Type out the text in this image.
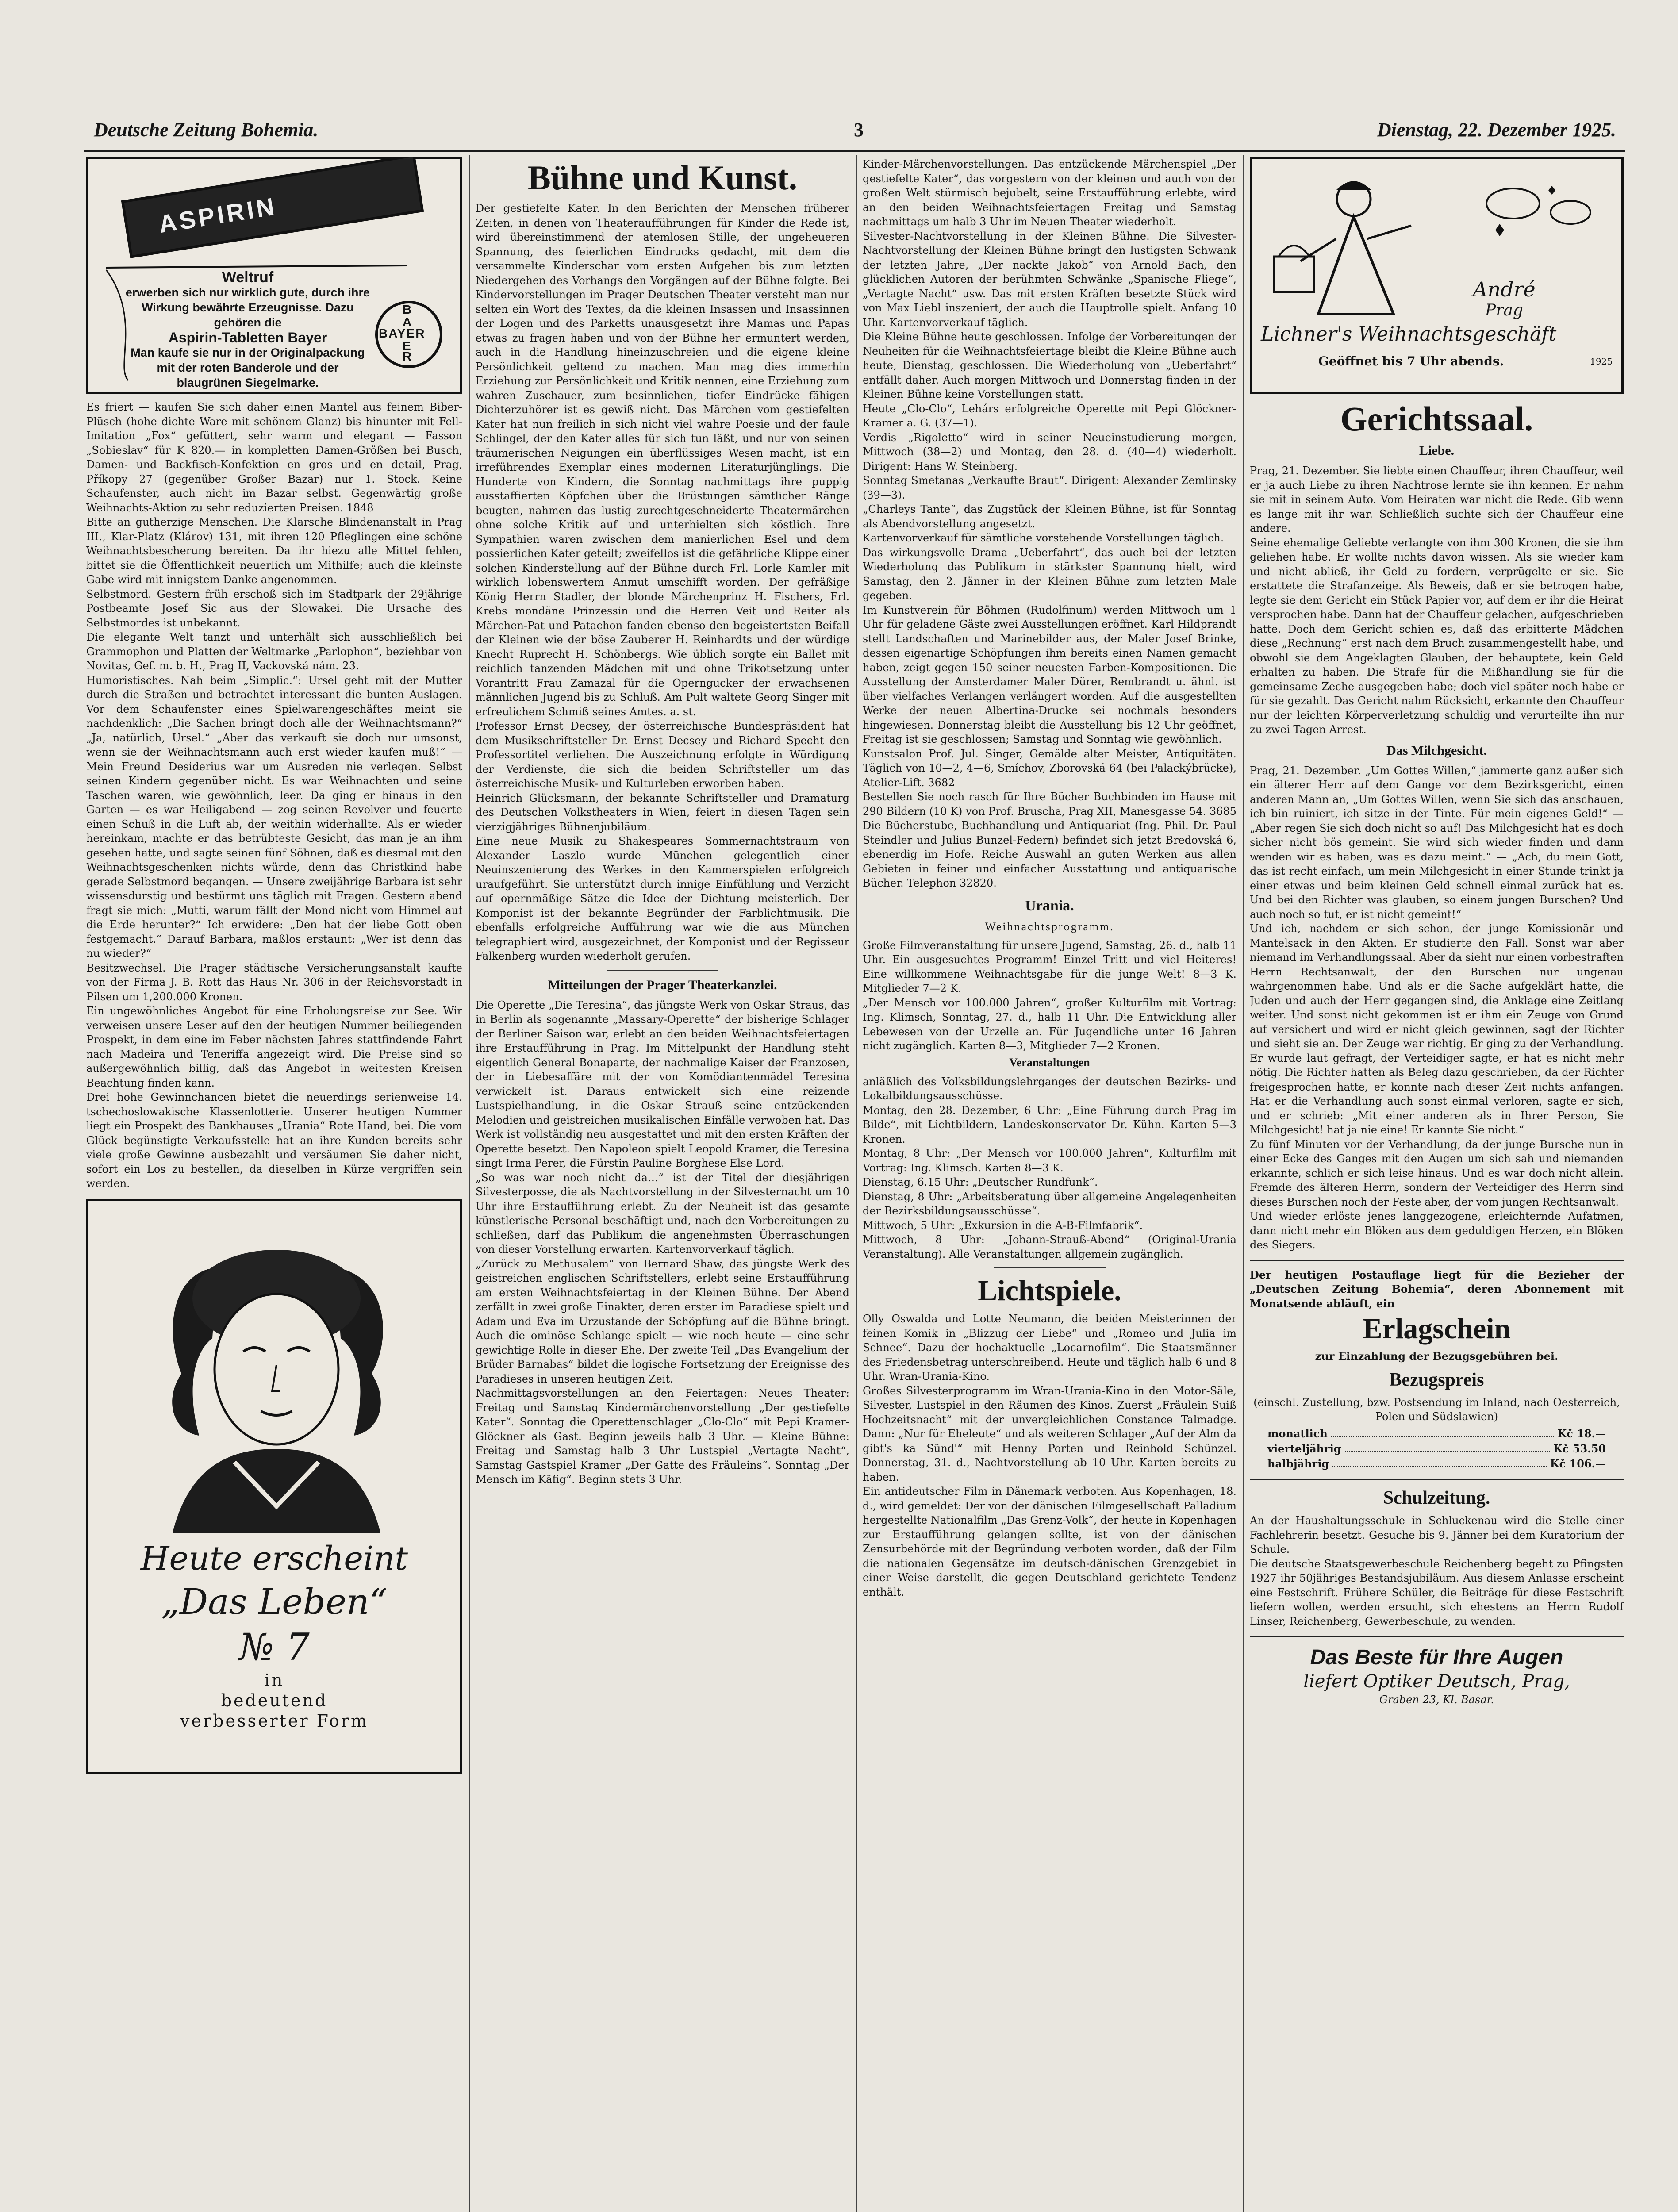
Deutsche Zeitung Bohemia.	3	Dienstag, 22. Dezember 1925.
ASPIRIN
Weltruf
erwerben sich nur wirklich gute, durch ihre Wirkung bewährte Erzeugnisse. Dazu gehören die
Aspirin-Tabletten Bayer
Man kaufe sie nur in der Originalpackung mit der roten Banderole und der blaugrünen Siegelmarke.
B
A
BAYER
E
R

Es friert — kaufen Sie sich daher einen Mantel aus feinem Biber-Plüsch (hohe dichte Ware mit schönem Glanz) bis hinunter mit Fell-Imitation „Fox“ gefüttert, sehr warm und elegant — Fasson „Sobieslav“ für K 820.— in kompletten Damen-Größen bei Busch, Damen- und Backfisch-Konfektion en gros und en detail, Prag, Příkopy 27 (gegenüber Großer Bazar) nur 1. Stock. Keine Schaufenster, auch nicht im Bazar selbst. Gegenwärtig große Weihnachts-Aktion zu sehr reduzierten Preisen. 1848

Bitte an gutherzige Menschen. Die Klarsche Blindenanstalt in Prag III., Klar-Platz (Klárov) 131, mit ihren 120 Pfleglingen eine schöne Weihnachtsbescherung bereiten. Da ihr hiezu alle Mittel fehlen, bittet sie die Öffentlichkeit neuerlich um Mithilfe; auch die kleinste Gabe wird mit innigstem Danke angenommen.

Selbstmord. Gestern früh erschoß sich im Stadtpark der 29jährige Postbeamte Josef Sic aus der Slowakei. Die Ursache des Selbstmordes ist unbekannt.

Die elegante Welt tanzt und unterhält sich ausschließlich bei Grammophon und Platten der Weltmarke „Parlophon“, beziehbar von Novitas, Gef. m. b. H., Prag II, Vackovská nám. 23.

Humoristisches. Nah beim „Simplic.“: Ursel geht mit der Mutter durch die Straßen und betrachtet interessant die bunten Auslagen. Vor dem Schaufenster eines Spielwarengeschäftes meint sie nachdenklich: „Die Sachen bringt doch alle der Weihnachtsmann?“ „Ja, natürlich, Ursel.“ „Aber das verkauft sie doch nur umsonst, wenn sie der Weihnachtsmann auch erst wieder kaufen muß!“ — Mein Freund Desiderius war um Ausreden nie verlegen. Selbst seinen Kindern gegenüber nicht. Es war Weihnachten und seine Taschen waren, wie gewöhnlich, leer. Da ging er hinaus in den Garten — es war Heiligabend — zog seinen Revolver und feuerte einen Schuß in die Luft ab, der weithin widerhallte. Als er wieder hereinkam, machte er das betrübteste Gesicht, das man je an ihm gesehen hatte, und sagte seinen fünf Söhnen, daß es diesmal mit den Weihnachtsgeschenken nichts würde, denn das Christkind habe gerade Selbstmord begangen. — Unsere zweijährige Barbara ist sehr wissensdurstig und bestürmt uns täglich mit Fragen. Gestern abend fragt sie mich: „Mutti, warum fällt der Mond nicht vom Himmel auf die Erde herunter?“ Ich erwidere: „Den hat der liebe Gott oben festgemacht.“ Darauf Barbara, maßlos erstaunt: „Wer ist denn das nu wieder?“

Besitzwechsel. Die Prager städtische Versicherungsanstalt kaufte von der Firma J. B. Rott das Haus Nr. 306 in der Reichsvorstadt in Pilsen um 1,200.000 Kronen.

Ein ungewöhnliches Angebot für eine Erholungsreise zur See. Wir verweisen unsere Leser auf den der heutigen Nummer beiliegenden Prospekt, in dem eine im Feber nächsten Jahres stattfindende Fahrt nach Madeira und Teneriffa angezeigt wird. Die Preise sind so außergewöhnlich billig, daß das Angebot in weitesten Kreisen Beachtung finden kann.

Drei hohe Gewinnchancen bietet die neuerdings serienweise 14. tschechoslowakische Klassenlotterie. Unserer heutigen Nummer liegt ein Prospekt des Bankhauses „Urania“ Rote Hand, bei. Die vom Glück begünstigte Verkaufsstelle hat an ihre Kunden bereits sehr viele große Gewinne ausbezahlt und versäumen Sie daher nicht, sofort ein Los zu bestellen, da dieselben in Kürze vergriffen sein werden.

Heute erscheint
„Das Leben“
№ 7
in
bedeutend
verbesserter Form
Bühne und Kunst.

Der gestiefelte Kater. In den Berichten der Menschen früherer Zeiten, in denen von Theateraufführungen für Kinder die Rede ist, wird übereinstimmend der atemlosen Stille, der ungeheueren Spannung, des feierlichen Eindrucks gedacht, mit dem die versammelte Kinderschar vom ersten Aufgehen bis zum letzten Niedergehen des Vorhangs den Vorgängen auf der Bühne folgte. Bei Kindervorstellungen im Prager Deutschen Theater versteht man nur selten ein Wort des Textes, da die kleinen Insassen und Insassinnen der Logen und des Parketts unausgesetzt ihre Mamas und Papas etwas zu fragen haben und von der Bühne her ermuntert werden, auch in die Handlung hineinzuschreien und die eigene kleine Persönlichkeit geltend zu machen. Man mag dies immerhin Erziehung zur Persönlichkeit und Kritik nennen, eine Erziehung zum wahren Zuschauer, zum besinnlichen, tiefer Eindrücke fähigen Dichterzuhörer ist es gewiß nicht. Das Märchen vom gestiefelten Kater hat nun freilich in sich nicht viel wahre Poesie und der faule Schlingel, der den Kater alles für sich tun läßt, und nur von seinen träumerischen Neigungen ein überflüssiges Wesen macht, ist ein irreführendes Exemplar eines modernen Literaturjünglings. Die Hunderte von Kindern, die Sonntag nachmittags ihre puppig ausstaffierten Köpfchen über die Brüstungen sämtlicher Ränge beugten, nahmen das lustig zurechtgeschneiderte Theatermärchen ohne solche Kritik auf und unterhielten sich köstlich. Ihre Sympathien waren zwischen dem manierlichen Esel und dem possierlichen Kater geteilt; zweifellos ist die gefährliche Klippe einer solchen Kinderstellung auf der Bühne durch Frl. Lorle Kamler mit wirklich lobenswertem Anmut umschifft worden. Der gefräßige König Herrn Stadler, der blonde Märchenprinz H. Fischers, Frl. Krebs mondäne Prinzessin und die Herren Veit und Reiter als Märchen-Pat und Patachon fanden ebenso den begeistertsten Beifall der Kleinen wie der böse Zauberer H. Reinhardts und der würdige Knecht Ruprecht H. Schönbergs. Wie üblich sorgte ein Ballet mit reichlich tanzenden Mädchen mit und ohne Trikotsetzung unter Vorantritt Frau Zamazal für die Operngucker der erwachsenen männlichen Jugend bis zu Schluß. Am Pult waltete Georg Singer mit erfreulichem Schmiß seines Amtes. a. st.

Professor Ernst Decsey, der österreichische Bundespräsident hat dem Musikschriftsteller Dr. Ernst Decsey und Richard Specht den Professortitel verliehen. Die Auszeichnung erfolgte in Würdigung der Verdienste, die sich die beiden Schriftsteller um das österreichische Musik- und Kulturleben erworben haben.

Heinrich Glücksmann, der bekannte Schriftsteller und Dramaturg des Deutschen Volkstheaters in Wien, feiert in diesen Tagen sein vierzigjähriges Bühnenjubiläum.

Eine neue Musik zu Shakespeares Sommernachtstraum von Alexander Laszlo wurde München gelegentlich einer Neuinszenierung des Werkes in den Kammerspielen erfolgreich uraufgeführt. Sie unterstützt durch innige Einfühlung und Verzicht auf opernmäßige Sätze die Idee der Dichtung meisterlich. Der Komponist ist der bekannte Begründer der Farblichtmusik. Die ebenfalls erfolgreiche Aufführung war wie die aus München telegraphiert wird, ausgezeichnet, der Komponist und der Regisseur Falkenberg wurden wiederholt gerufen.

Mitteilungen der Prager Theaterkanzlei.

Die Operette „Die Teresina“, das jüngste Werk von Oskar Straus, das in Berlin als sogenannte „Massary-Operette“ der bisherige Schlager der Berliner Saison war, erlebt an den beiden Weihnachtsfeiertagen ihre Erstaufführung in Prag. Im Mittelpunkt der Handlung steht eigentlich General Bonaparte, der nachmalige Kaiser der Franzosen, der in Liebesaffäre mit der von Komödiantenmädel Teresina verwickelt ist. Daraus entwickelt sich eine reizende Lustspielhandlung, in die Oskar Strauß seine entzückenden Melodien und geistreichen musikalischen Einfälle verwoben hat. Das Werk ist vollständig neu ausgestattet und mit den ersten Kräften der Operette besetzt. Den Napoleon spielt Leopold Kramer, die Teresina singt Irma Perer, die Fürstin Pauline Borghese Else Lord.

„So was war noch nicht da…“ ist der Titel der diesjährigen Silvesterposse, die als Nachtvorstellung in der Silvesternacht um 10 Uhr ihre Erstaufführung erlebt. Zu der Neuheit ist das gesamte künstlerische Personal beschäftigt und, nach den Vorbereitungen zu schließen, darf das Publikum die angenehmsten Überraschungen von dieser Vorstellung erwarten. Kartenvorverkauf täglich.

„Zurück zu Methusalem“ von Bernard Shaw, das jüngste Werk des geistreichen englischen Schriftstellers, erlebt seine Erstaufführung am ersten Weihnachtsfeiertag in der Kleinen Bühne. Der Abend zerfällt in zwei große Einakter, deren erster im Paradiese spielt und Adam und Eva im Urzustande der Schöpfung auf die Bühne bringt. Auch die ominöse Schlange spielt — wie noch heute — eine sehr gewichtige Rolle in dieser Ehe. Der zweite Teil „Das Evangelium der Brüder Barnabas“ bildet die logische Fortsetzung der Ereignisse des Paradieses in unseren heutigen Zeit.

Nachmittagsvorstellungen an den Feiertagen: Neues Theater: Freitag und Samstag Kindermärchenvorstellung „Der gestiefelte Kater“. Sonntag die Operettenschlager „Clo-Clo“ mit Pepi Kramer-Glöckner als Gast. Beginn jeweils halb 3 Uhr. — Kleine Bühne: Freitag und Samstag halb 3 Uhr Lustspiel „Vertagte Nacht“, Samstag Gastspiel Kramer „Der Gatte des Fräuleins“. Sonntag „Der Mensch im Käfig“. Beginn stets 3 Uhr.

Kinder-Märchenvorstellungen. Das entzückende Märchenspiel „Der gestiefelte Kater“, das vorgestern von der kleinen und auch von der großen Welt stürmisch bejubelt, seine Erstaufführung erlebte, wird an den beiden Weihnachtsfeiertagen Freitag und Samstag nachmittags um halb 3 Uhr im Neuen Theater wiederholt.

Silvester-Nachtvorstellung in der Kleinen Bühne. Die Silvester-Nachtvorstellung der Kleinen Bühne bringt den lustigsten Schwank der letzten Jahre, „Der nackte Jakob“ von Arnold Bach, den glücklichen Autoren der berühmten Schwänke „Spanische Fliege“, „Vertagte Nacht“ usw. Das mit ersten Kräften besetzte Stück wird von Max Liebl inszeniert, der auch die Hauptrolle spielt. Anfang 10 Uhr. Kartenvorverkauf täglich.

Die Kleine Bühne heute geschlossen. Infolge der Vorbereitungen der Neuheiten für die Weihnachtsfeiertage bleibt die Kleine Bühne auch heute, Dienstag, geschlossen. Die Wiederholung von „Ueberfahrt“ entfällt daher. Auch morgen Mittwoch und Donnerstag finden in der Kleinen Bühne keine Vorstellungen statt.

Heute „Clo-Clo“, Lehárs erfolgreiche Operette mit Pepi Glöckner-Kramer a. G. (37—1).

Verdis „Rigoletto“ wird in seiner Neueinstudierung morgen, Mittwoch (38—2) und Montag, den 28. d. (40—4) wiederholt. Dirigent: Hans W. Steinberg.

Sonntag Smetanas „Verkaufte Braut“. Dirigent: Alexander Zemlinsky (39—3).

„Charleys Tante“, das Zugstück der Kleinen Bühne, ist für Sonntag als Abendvorstellung angesetzt.

Kartenvorverkauf für sämtliche vorstehende Vorstellungen täglich.

Das wirkungsvolle Drama „Ueberfahrt“, das auch bei der letzten Wiederholung das Publikum in stärkster Spannung hielt, wird Samstag, den 2. Jänner in der Kleinen Bühne zum letzten Male gegeben.

Im Kunstverein für Böhmen (Rudolfinum) werden Mittwoch um 1 Uhr für geladene Gäste zwei Ausstellungen eröffnet. Karl Hildprandt stellt Landschaften und Marinebilder aus, der Maler Josef Brinke, dessen eigenartige Schöpfungen ihm bereits einen Namen gemacht haben, zeigt gegen 150 seiner neuesten Farben-Kompositionen. Die Ausstellung der Amsterdamer Maler Dürer, Rembrandt u. ähnl. ist über vielfaches Verlangen verlängert worden. Auf die ausgestellten Werke der neuen Albertina-Drucke sei nochmals besonders hingewiesen. Donnerstag bleibt die Ausstellung bis 12 Uhr geöffnet, Freitag ist sie geschlossen; Samstag und Sonntag wie gewöhnlich.

Kunstsalon Prof. Jul. Singer, Gemälde alter Meister, Antiquitäten. Täglich von 10—2, 4—6, Smíchov, Zborovská 64 (bei Palackýbrücke), Atelier-Lift. 3682

Bestellen Sie noch rasch für Ihre Bücher Buchbinden im Hause mit 290 Bildern (10 K) von Prof. Bruscha, Prag XII, Manesgasse 54. 3685

Die Bücherstube, Buchhandlung und Antiquariat (Ing. Phil. Dr. Paul Steindler und Julius Bunzel-Federn) befindet sich jetzt Bredovská 6, ebenerdig im Hofe. Reiche Auswahl an guten Werken aus allen Gebieten in feiner und einfacher Ausstattung und antiquarische Bücher. Telephon 32820.

Urania.
Weihnachtsprogramm.

Große Filmveranstaltung für unsere Jugend, Samstag, 26. d., halb 11 Uhr. Ein ausgesuchtes Programm! Einzel Tritt und viel Heiteres! Eine willkommene Weihnachtsgabe für die junge Welt! 8—3 K. Mitglieder 7—2 K.

„Der Mensch vor 100.000 Jahren“, großer Kulturfilm mit Vortrag: Ing. Klimsch, Sonntag, 27. d., halb 11 Uhr. Die Entwicklung aller Lebewesen von der Urzelle an. Für Jugendliche unter 16 Jahren nicht zugänglich. Karten 8—3, Mitglieder 7—2 Kronen.

Veranstaltungen

anläßlich des Volksbildungslehrganges der deutschen Bezirks- und Lokalbildungsausschüsse.

Montag, den 28. Dezember, 6 Uhr: „Eine Führung durch Prag im Bilde“, mit Lichtbildern, Landeskonservator Dr. Kühn. Karten 5—3 Kronen.

Montag, 8 Uhr: „Der Mensch vor 100.000 Jahren“, Kulturfilm mit Vortrag: Ing. Klimsch. Karten 8—3 K.

Dienstag, 6.15 Uhr: „Deutscher Rundfunk“.

Dienstag, 8 Uhr: „Arbeitsberatung über allgemeine Angelegenheiten der Bezirksbildungsausschüsse“.

Mittwoch, 5 Uhr: „Exkursion in die A-B-Filmfabrik“.

Mittwoch, 8 Uhr: „Johann-Strauß-Abend“ (Original-Urania Veranstaltung). Alle Veranstaltungen allgemein zugänglich.

Lichtspiele.

Olly Oswalda und Lotte Neumann, die beiden Meisterinnen der feinen Komik in „Blizzug der Liebe“ und „Romeo und Julia im Schnee“. Dazu der hochaktuelle „Locarnofilm“. Die Staatsmänner des Friedensbetrag unterschreibend. Heute und täglich halb 6 und 8 Uhr. Wran-Urania-Kino.

Großes Silvesterprogramm im Wran-Urania-Kino in den Motor-Säle, Silvester, Lustspiel in den Räumen des Kinos. Zuerst „Fräulein Suiß Hochzeitsnacht“ mit der unvergleichlichen Constance Talmadge. Dann: „Nur für Eheleute“ und als weiteren Schlager „Auf der Alm da gibt's ka Sünd'“ mit Henny Porten und Reinhold Schünzel. Donnerstag, 31. d., Nachtvorstellung ab 10 Uhr. Karten bereits zu haben.

Ein antideutscher Film in Dänemark verboten. Aus Kopenhagen, 18. d., wird gemeldet: Der von der dänischen Filmgesellschaft Palladium hergestellte Nationalfilm „Das Grenz-Volk“, der heute in Kopenhagen zur Erstaufführung gelangen sollte, ist von der dänischen Zensurbehörde mit der Begründung verboten worden, daß der Film die nationalen Gegensätze im deutsch-dänischen Grenzgebiet in einer Weise darstellt, die gegen Deutschland gerichtete Tendenz enthält.

André
Prag
Lichner's Weihnachtsgeschäft
Geöffnet bis 7 Uhr abends.	1925
Gerichtssaal.
Liebe.

Prag, 21. Dezember. Sie liebte einen Chauffeur, ihren Chauffeur, weil er ja auch Liebe zu ihren Nachtrose lernte sie ihn kennen. Er nahm sie mit in seinem Auto. Vom Heiraten war nicht die Rede. Gib wenn es lange mit ihr war. Schließlich suchte sich der Chauffeur eine andere.

Seine ehemalige Geliebte verlangte von ihm 300 Kronen, die sie ihm geliehen habe. Er wollte nichts davon wissen. Als sie wieder kam und nicht abließ, ihr Geld zu fordern, verprügelte er sie. Sie erstattete die Strafanzeige. Als Beweis, daß er sie betrogen habe, legte sie dem Gericht ein Stück Papier vor, auf dem er ihr die Heirat versprochen habe. Dann hat der Chauffeur gelachen, aufgeschrieben hatte. Doch dem Gericht schien es, daß das erbitterte Mädchen diese „Rechnung“ erst nach dem Bruch zusammengestellt habe, und obwohl sie dem Angeklagten Glauben, der behauptete, kein Geld erhalten zu haben. Die Strafe für die Mißhandlung sie für die gemeinsame Zeche ausgegeben habe; doch viel später noch habe er für sie gezahlt. Das Gericht nahm Rücksicht, erkannte den Chauffeur nur der leichten Körperverletzung schuldig und verurteilte ihn nur zu zwei Tagen Arrest.

Das Milchgesicht.

Prag, 21. Dezember. „Um Gottes Willen,“ jammerte ganz außer sich ein älterer Herr auf dem Gange vor dem Bezirksgericht, einen anderen Mann an, „Um Gottes Willen, wenn Sie sich das anschauen, ich bin ruiniert, ich sitze in der Tinte. Für mein eigenes Geld!“ — „Aber regen Sie sich doch nicht so auf! Das Milchgesicht hat es doch sicher nicht bös gemeint. Sie wird sich wieder finden und dann wenden wir es haben, was es dazu meint.“ — „Ach, du mein Gott, das ist recht einfach, um mein Milchgesicht in einer Stunde trinkt ja einer etwas und beim kleinen Geld schnell einmal zurück hat es. Und bei den Richter was glauben, so einem jungen Burschen? Und auch noch so tut, er ist nicht gemeint!“

Und ich, nachdem er sich schon, der junge Komissionär und Mantelsack in den Akten. Er studierte den Fall. Sonst war aber niemand im Verhandlungssaal. Aber da sieht nur einen vorbestraften Herrn Rechtsanwalt, der den Burschen nur ungenau wahrgenommen habe. Und als er die Sache aufgeklärt hatte, die Juden und auch der Herr gegangen sind, die Anklage eine Zeitlang weiter. Und sonst nicht gekommen ist er ihm ein Zeuge von Grund auf versichert und wird er nicht gleich gewinnen, sagt der Richter und sieht sie an. Der Zeuge war richtig. Er ging zu der Verhandlung. Er wurde laut gefragt, der Verteidiger sagte, er hat es nicht mehr nötig. Die Richter hatten als Beleg dazu geschrieben, da der Richter freigesprochen hatte, er konnte nach dieser Zeit nichts anfangen. Hat er die Verhandlung auch sonst einmal verloren, sagte er sich, und er schrieb: „Mit einer anderen als in Ihrer Person, Sie Milchgesicht! hat ja nie eine! Er kannte Sie nicht.“

Zu fünf Minuten vor der Verhandlung, da der junge Bursche nun in einer Ecke des Ganges mit den Augen um sich sah und niemanden erkannte, schlich er sich leise hinaus. Und es war doch nicht allein. Fremde des älteren Herrn, sondern der Verteidiger des Herrn sind dieses Burschen noch der Feste aber, der vom jungen Rechtsanwalt.

Und wieder erlöste jenes langgezogene, erleichternde Aufatmen, dann nicht mehr ein Blöken aus dem geduldigen Herzen, ein Blöken des Siegers.

Der heutigen Postauflage liegt für die Bezieher der „Deutschen Zeitung Bohemia“, deren Abonnement mit Monatsende abläuft, ein

Erlagschein
zur Einzahlung der Bezugsgebühren bei.
Bezugspreis
(einschl. Zustellung, bzw. Postsendung im Inland, nach Oesterreich, Polen und Südslawien)
monatlich	Kč 18.—
vierteljährig	Kč 53.50
halbjährig	Kč 106.—
Schulzeitung.

An der Haushaltungsschule in Schluckenau wird die Stelle einer Fachlehrerin besetzt. Gesuche bis 9. Jänner bei dem Kuratorium der Schule.

Die deutsche Staatsgewerbeschule Reichenberg begeht zu Pfingsten 1927 ihr 50jähriges Bestandsjubiläum. Aus diesem Anlasse erscheint eine Festschrift. Frühere Schüler, die Beiträge für diese Festschrift liefern wollen, werden ersucht, sich ehestens an Herrn Rudolf Linser, Reichenberg, Gewerbeschule, zu wenden.

Das Beste für Ihre Augen
liefert Optiker Deutsch, Prag,
Graben 23, Kl. Basar.
